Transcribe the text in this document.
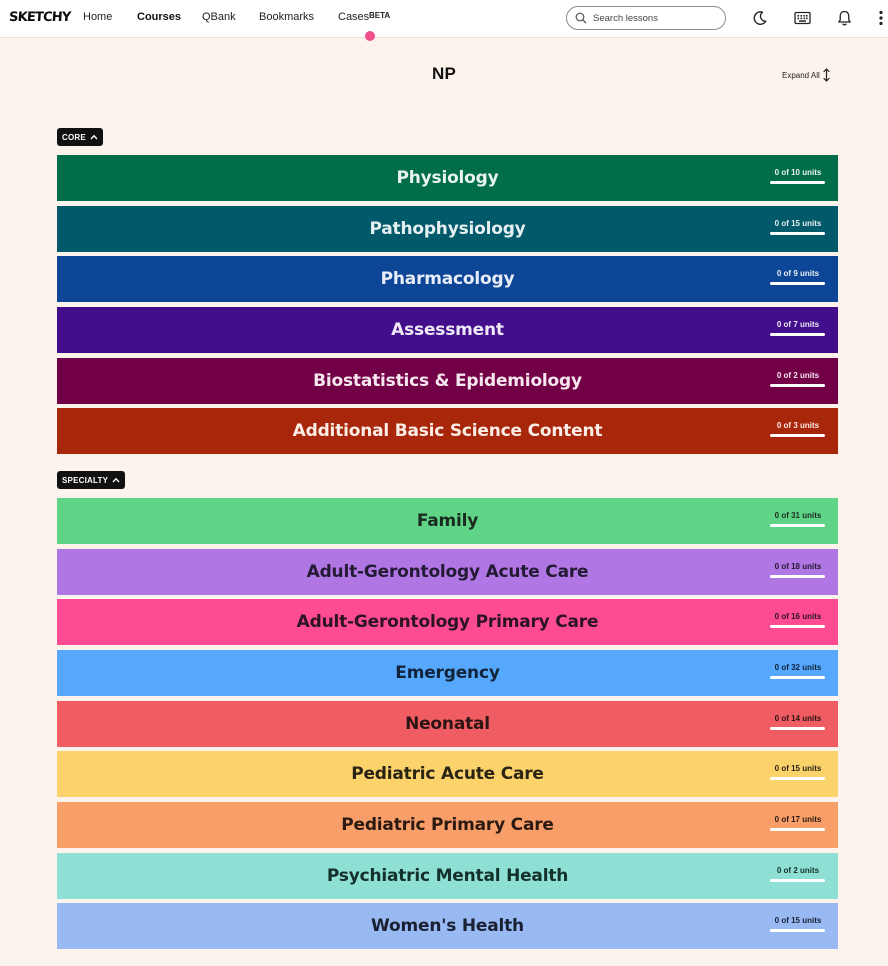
SKETCHY Home Courses QBank Bookmarks Cases BETA
Search lessons
NP	Expand All
CORE
Physiology	0 of 10 units
Pathophysiology	0 of 15 units
Pharmacology	0 of 9 units
Assessment	0 of 7 units
Biostatistics & Epidemiology	0 of 2 units
Additional Basic Science Content	0 of 3 units
SPECIALTY
Family	0 of 31 units
Adult-Gerontology Acute Care	0 of 18 units
Adult-Gerontology Primary Care	0 of 16 units
Emergency	0 of 32 units
Neonatal	0 of 14 units
Pediatric Acute Care	0 of 15 units
Pediatric Primary Care	0 of 17 units
Psychiatric Mental Health	0 of 2 units
Women's Health	0 of 15 units
